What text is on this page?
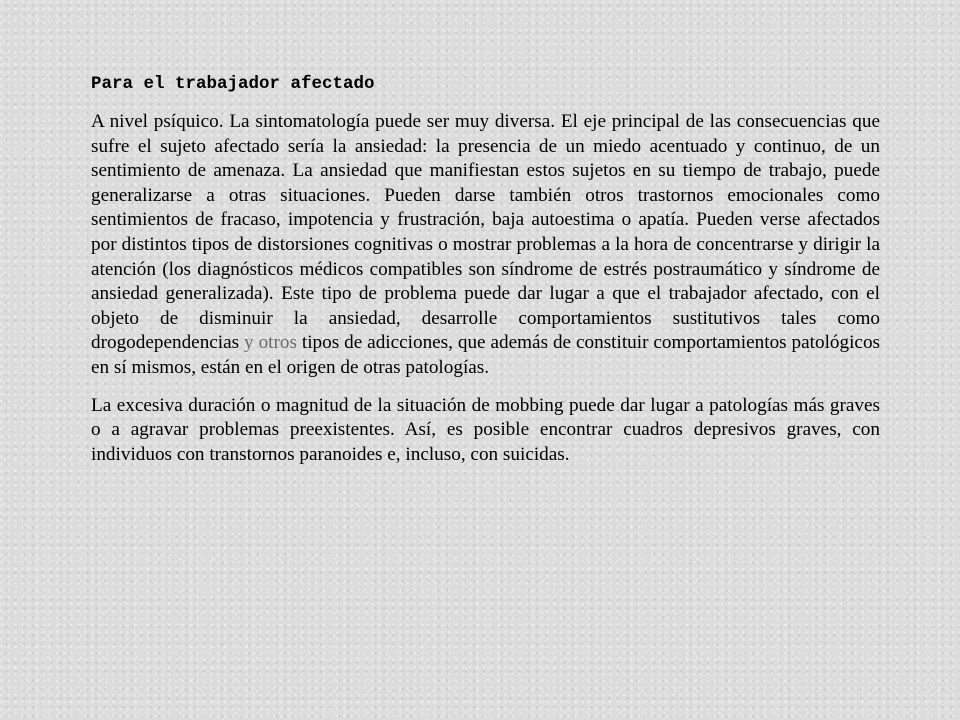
Para el trabajador afectado

A nivel psíquico. La sintomatología puede ser muy diversa. El eje principal de las consecuencias que sufre el sujeto afectado sería la ansiedad: la presencia de un miedo acentuado y continuo, de un sentimiento de amenaza. La ansiedad que manifiestan estos sujetos en su tiempo de trabajo, puede generalizarse a otras situaciones. Pueden darse también otros trastornos emocionales como sentimientos de fracaso, impotencia y frustración, baja autoestima o apatía. Pueden verse afectados por distintos tipos de distorsiones cognitivas o mostrar problemas a la hora de concentrarse y dirigir la atención (los diagnósticos médicos compatibles son síndrome de estrés postraumático y síndrome de ansiedad generalizada). Este tipo de problema puede dar lugar a que el trabajador afectado, con el objeto de disminuir la ansiedad, desarrolle comportamientos sustitutivos tales como drogodependencias y otros tipos de adicciones, que además de constituir comportamientos patológicos en sí mismos, están en el origen de otras patologías.

La excesiva duración o magnitud de la situación de mobbing puede dar lugar a patologías más graves o a agravar problemas preexistentes. Así, es posible encontrar cuadros depresivos graves, con individuos con transtornos paranoides e, incluso, con suicidas.
